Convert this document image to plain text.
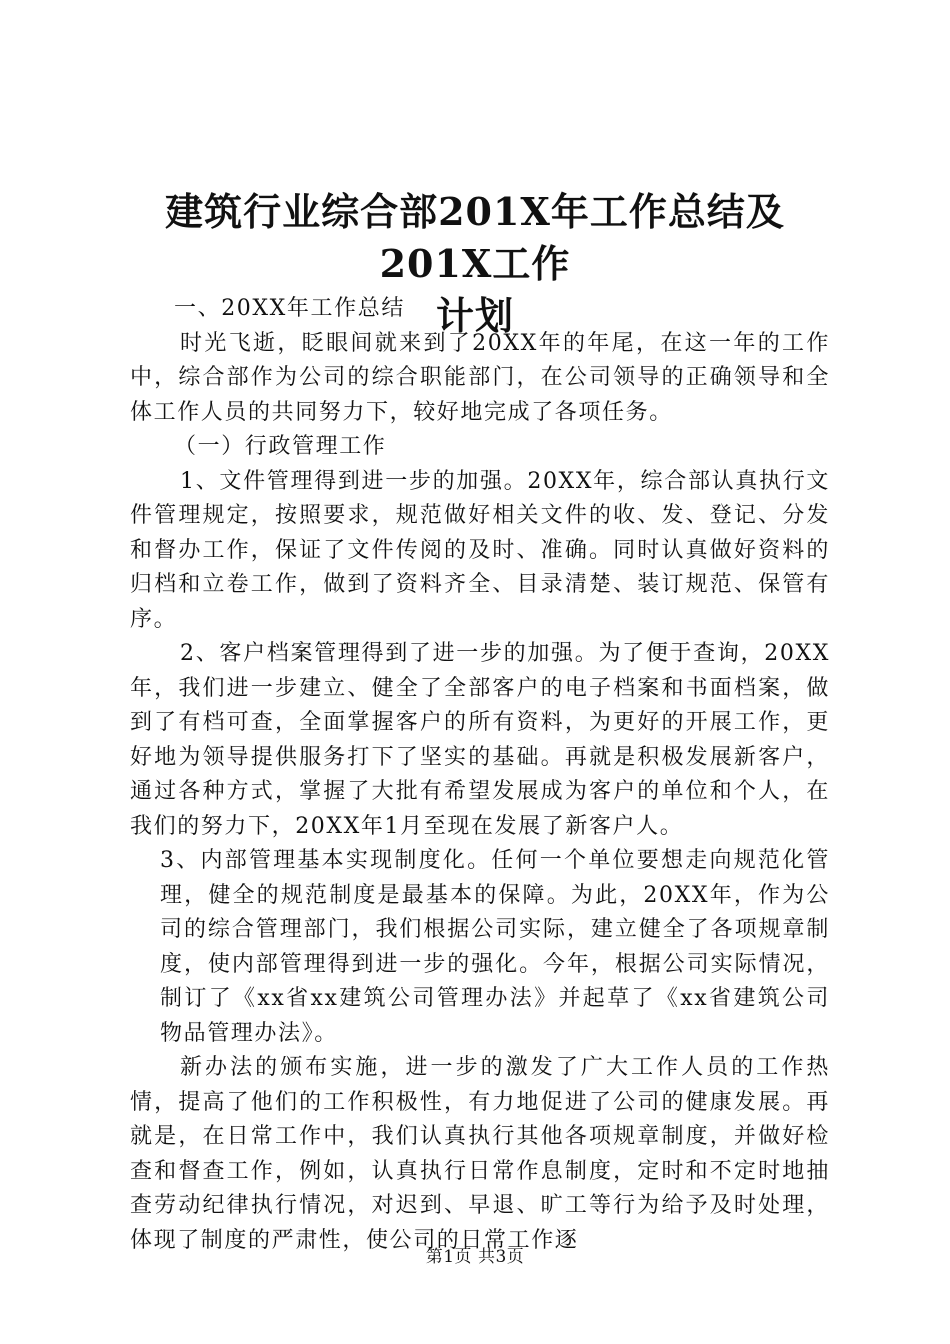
建筑行业综合部201X年工作总结及201X工作
计划

一、20XX年工作总结

时光飞逝，眨眼间就来到了20XX年的年尾，在这一年的工作中，综合部作为公司的综合职能部门，在公司领导的正确领导和全体工作人员的共同努力下，较好地完成了各项任务。

（一）行政管理工作

1、文件管理得到进一步的加强。20XX年，综合部认真执行文件管理规定，按照要求，规范做好相关文件的收、发、登记、分发和督办工作，保证了文件传阅的及时、准确。同时认真做好资料的归档和立卷工作，做到了资料齐全、目录清楚、装订规范、保管有序。

2、客户档案管理得到了进一步的加强。为了便于查询，20XX年，我们进一步建立、健全了全部客户的电子档案和书面档案，做到了有档可查，全面掌握客户的所有资料，为更好的开展工作，更好地为领导提供服务打下了坚实的基础。再就是积极发展新客户，通过各种方式，掌握了大批有希望发展成为客户的单位和个人，在我们的努力下，20XX年1月至现在发展了新客户人。

3、内部管理基本实现制度化。任何一个单位要想走向规范化管理，健全的规范制度是最基本的保障。为此，20XX年，作为公司的综合管理部门，我们根据公司实际，建立健全了各项规章制度，使内部管理得到进一步的强化。今年，根据公司实际情况，制订了《xx省xx建筑公司管理办法》并起草了《xx省建筑公司物品管理办法》。

新办法的颁布实施，进一步的激发了广大工作人员的工作热情，提高了他们的工作积极性，有力地促进了公司的健康发展。再就是，在日常工作中，我们认真执行其他各项规章制度，并做好检查和督查工作，例如，认真执行日常作息制度，定时和不定时地抽查劳动纪律执行情况，对迟到、早退、旷工等行为给予及时处理，体现了制度的严肃性，使公司的日常工作逐

第1页 共3页
